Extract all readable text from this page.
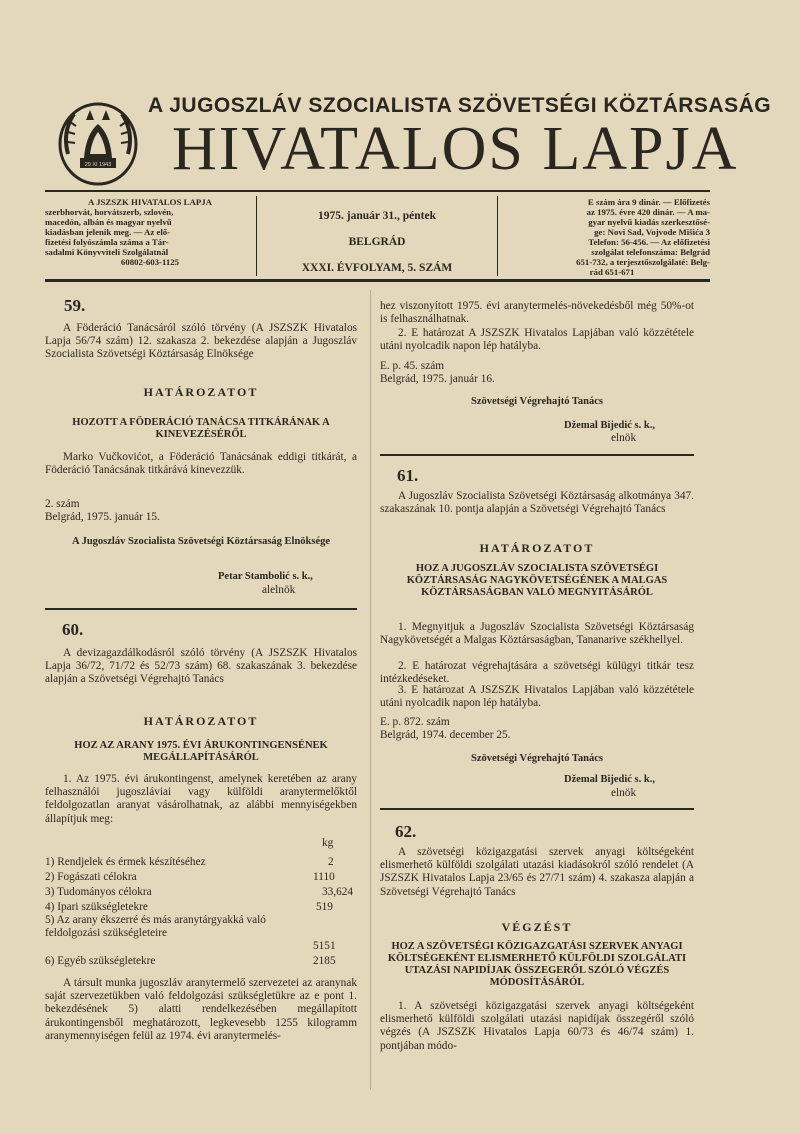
29 XI 1943
A JUGOSZLÁV SZOCIALISTA SZÖVETSÉGI KÖZTÁRSASÁG
HIVATALOS LAPJA
A JSZSZK HIVATALOS LAPJA
szerbhorvát, horvátszerb, szlovén,
macedón, albán és magyar nyelvű
kiadásban jelenik meg. — Az elő-
fizetési folyószámla száma a Tár-
sadalmi Könyvviteli Szolgálatnál
60802-603-1125
1975. január 31., péntek
BELGRÁD
XXXI. ÉVFOLYAM, 5. SZÁM
E szám ára 9 dinár. — Előfizetés
az 1975. évre 420 dinár. — A ma-
gyar nyelvű kiadás szerkesztősé-
ge: Novi Sad, Vojvode Mišića 3
Telefon: 56-456. — Az előfizetési
szolgálat telefonszáma: Belgrád
651-732, a terjesztőszolgálaté: Belg-
rád 651-671
59.

A Föderáció Tanácsáról szóló törvény (A JSZSZK Hivatalos Lapja 56/74 szám) 12. szakasza 2. bekezdése alapján a Jugoszláv Szocialista Szövetségi Köztársaság Elnöksége

HATÁROZATOT
HOZOTT A FÖDERÁCIÓ TANÁCSA TITKÁRÁNAK A KINEVEZÉSÉRŐL

Marko Vučkovićot, a Föderáció Tanácsának eddigi titkárát, a Föderáció Tanácsának titkárává kinevezzük.

2. szám
Belgrád, 1975. január 15.
A Jugoszláv Szocialista Szövetségi Köztársaság Elnöksége
Petar Stambolić s. k.,
alelnök
60.

A devizagazdálkodásról szóló törvény (A JSZSZK Hivatalos Lapja 36/72, 71/72 és 52/73 szám) 68. szakaszának 3. bekezdése alapján a Szövetségi Végrehajtó Tanács

HATÁROZATOT
HOZ AZ ARANY 1975. ÉVI ÁRUKONTINGENSÉNEK MEGÁLLAPÍTÁSÁRÓL

1. Az 1975. évi árukontingenst, amelynek keretében az arany felhasználói jugoszláviai vagy külföldi aranytermelőktől feldolgozatlan aranyat vásárolhatnak, az alábbi mennyiségekben állapítjuk meg:

kg
1) Rendjelek és érmek készítéséhez	2
2) Fogászati célokra	1110
3) Tudományos célokra	33,624
4) Ipari szükségletekre	519
5) Az arany ékszerré és más aranytárgyakká való feldolgozási szükségleteire
5151
6) Egyéb szükségletekre	2185

A társult munka jugoszláv aranytermelő szervezetei az aranynak saját szervezetükben való feldolgozási szükségletükre az e pont 1. bekezdésének 5) alatti rendelkezésében megállapított árukontingensből meghatározott, legkevesebb 1255 kilogramm aranymennyiségen felül az 1974. évi aranytermelés-

hez viszonyított 1975. évi aranytermelés-növekedésből még 50%-ot is felhasználhatnak.

2. E határozat A JSZSZK Hivatalos Lapjában való közzététele utáni nyolcadik napon lép hatályba.

E. p. 45. szám
Belgrád, 1975. január 16.
Szövetségi Végrehajtó Tanács
Džemal Bijedić s. k.,
elnök
61.

A Jugoszláv Szocialista Szövetségi Köztársaság alkotmánya 347. szakaszának 10. pontja alapján a Szövetségi Végrehajtó Tanács

HATÁROZATOT
HOZ A JUGOSZLÁV SZOCIALISTA SZÖVETSÉGI KÖZTÁRSASÁG NAGYKÖVETSÉGÉNEK A MALGAS KÖZTÁRSASÁGBAN VALÓ MEGNYITÁSÁRÓL

1. Megnyitjuk a Jugoszláv Szocialista Szövetségi Köztársaság Nagykövetségét a Malgas Köztársaságban, Tananarive székhellyel.

2. E határozat végrehajtására a szövetségi külügyi titkár tesz intézkedéseket.

3. E határozat A JSZSZK Hivatalos Lapjában való közzététele utáni nyolcadik napon lép hatályba.

E. p. 872. szám
Belgrád, 1974. december 25.
Szövetségi Végrehajtó Tanács
Džemal Bijedić s. k.,
elnök
62.

A szövetségi közigazgatási szervek anyagi költségeként elismerhető külföldi szolgálati utazási kiadásokról szóló rendelet (A JSZSZK Hivatalos Lapja 23/65 és 27/71 szám) 4. szakasza alapján a Szövetségi Végrehajtó Tanács

VÉGZÉST
HOZ A SZÖVETSÉGI KÖZIGAZGATÁSI SZERVEK ANYAGI KÖLTSÉGEKÉNT ELISMERHETŐ KÜLFÖLDI SZOLGÁLATI UTAZÁSI NAPIDÍJAK ÖSSZEGERŐL SZÓLÓ VÉGZÉS MÓDOSÍTÁSÁRÓL

1. A szövetségi közigazgatási szervek anyagi költségeként elismerhető külföldi szolgálati utazási napidíjak összegéről szóló végzés (A JSZSZK Hivatalos Lapja 60/73 és 46/74 szám) 1. pontjában módo-
